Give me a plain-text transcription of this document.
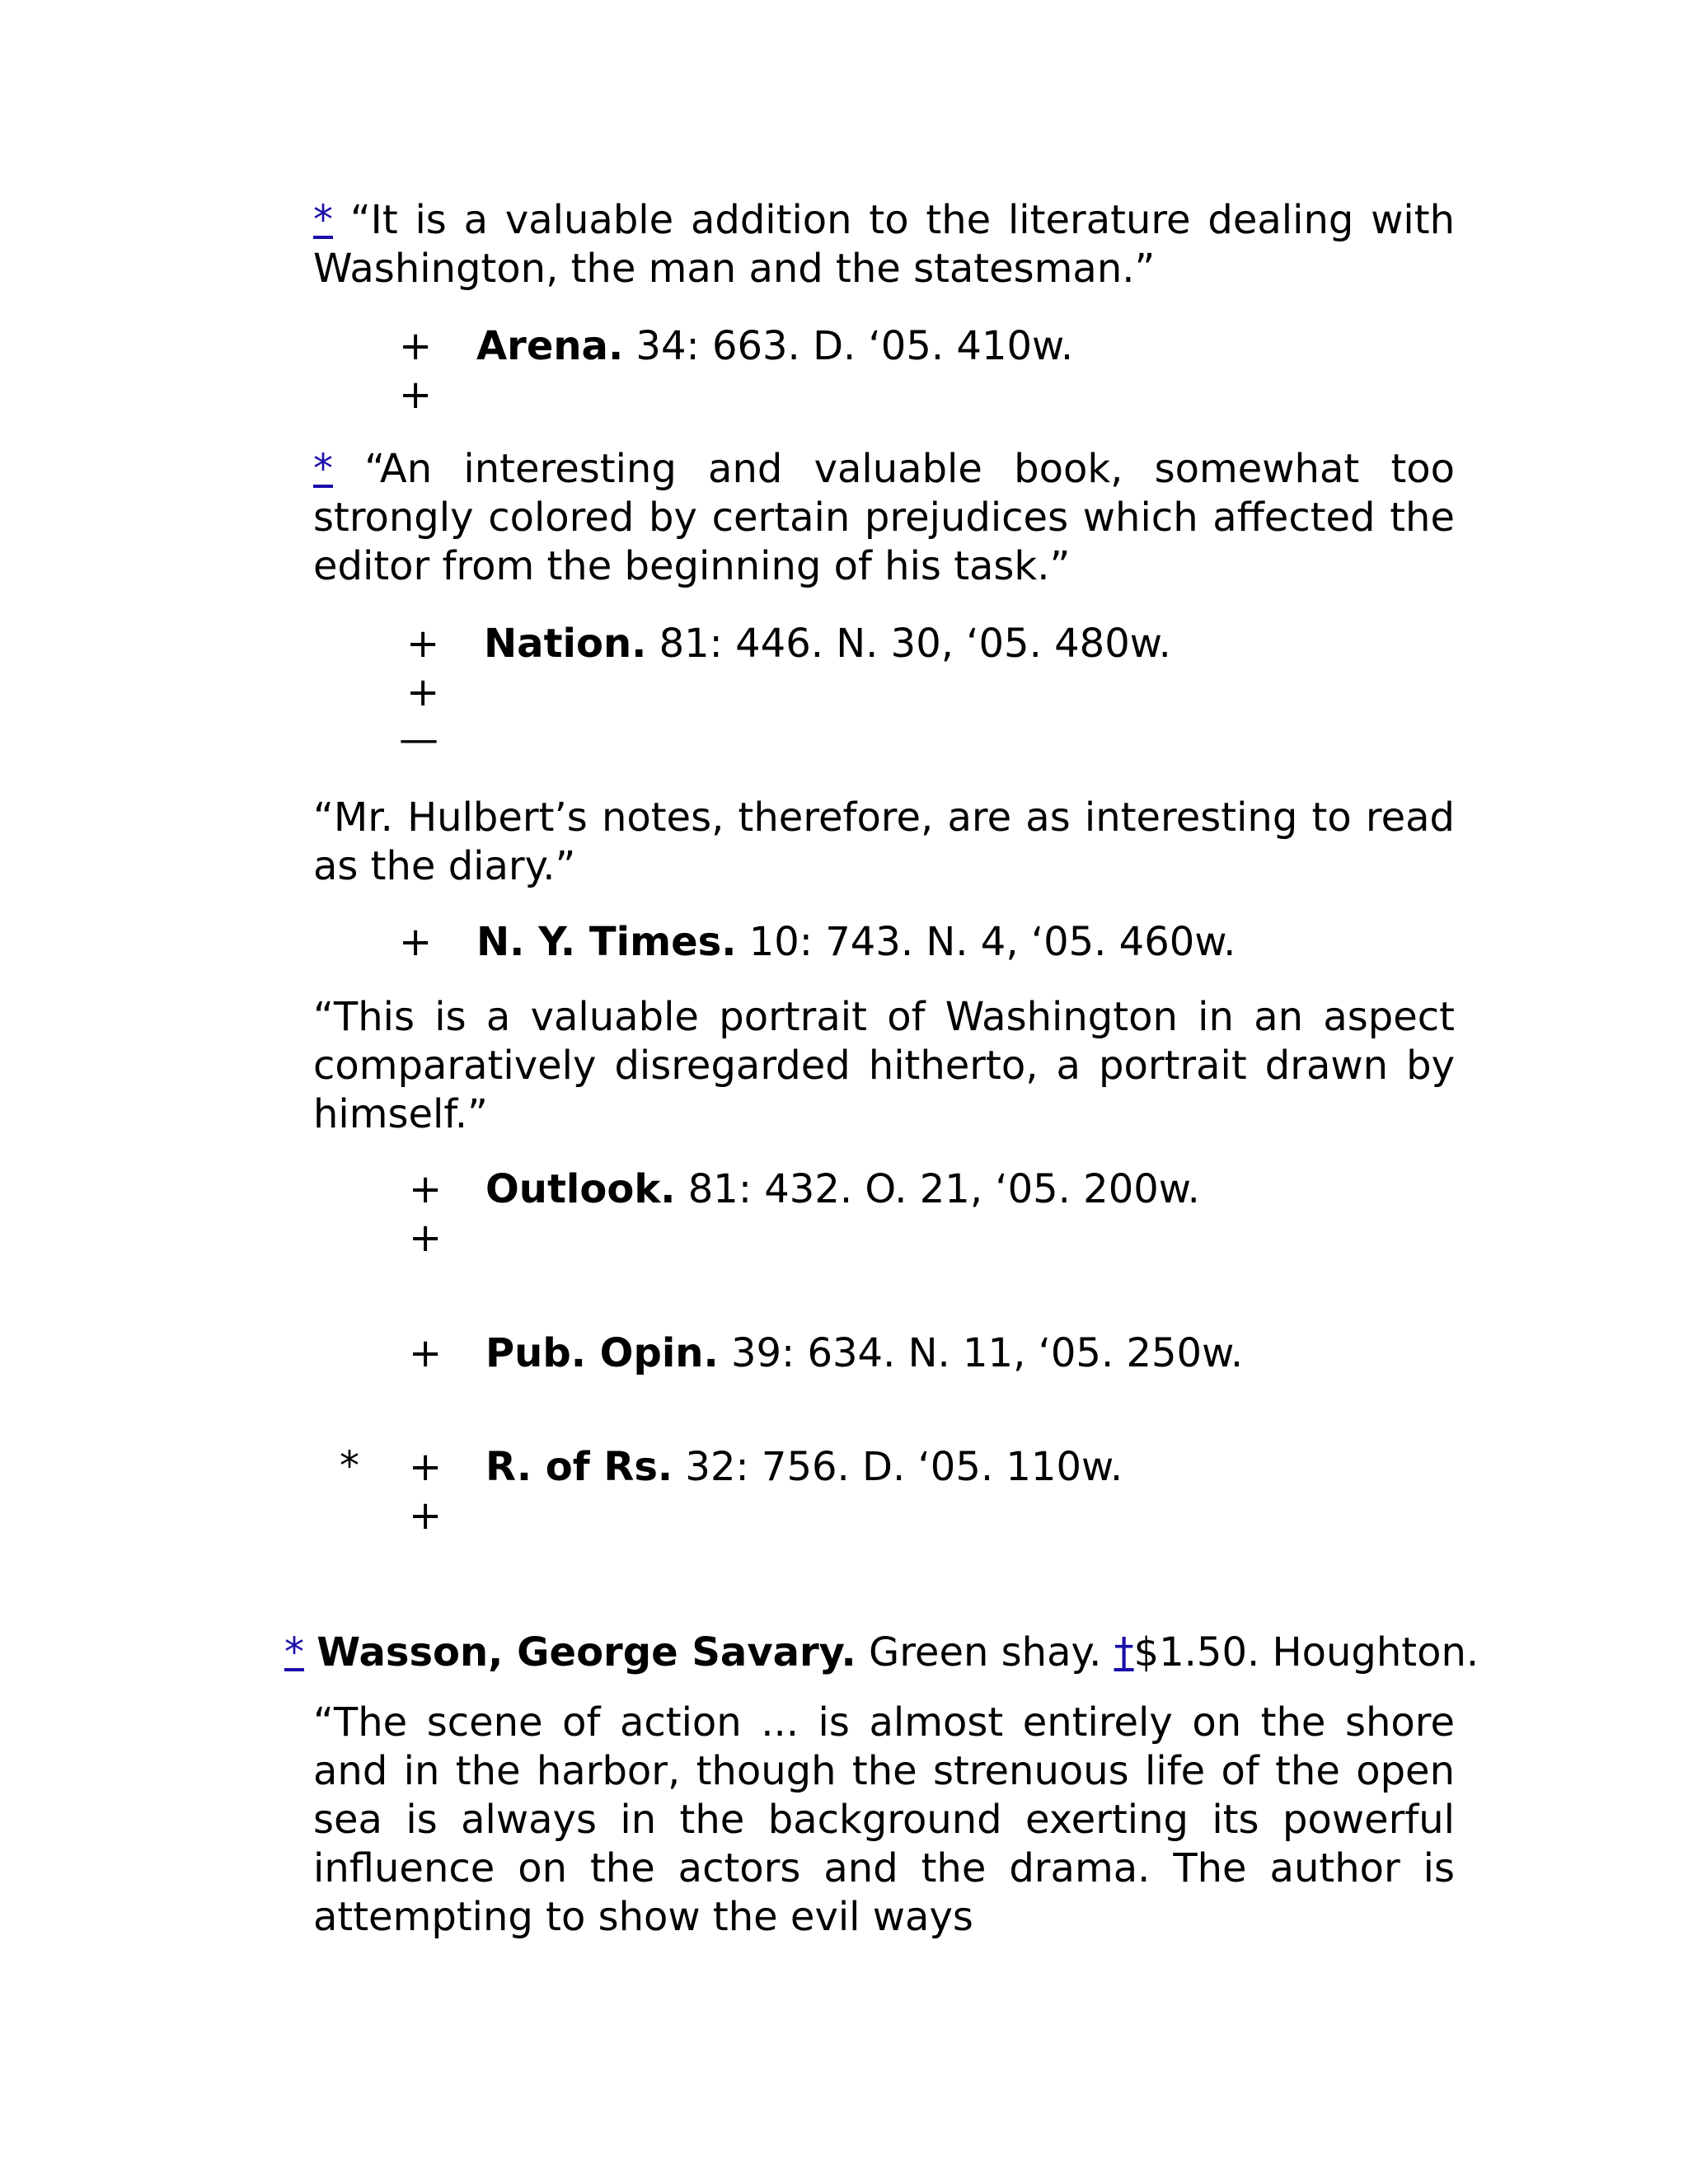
* “It is a valuable addition to the literature dealing with Washington, the man and the statesman.”

+
+
Arena. 34: 663. D. ‘05. 410w.

* “An interesting and valuable book, somewhat too strongly colored by certain prejudices which affected the editor from the beginning of his task.”

+
+
—
Nation. 81: 446. N. 30, ‘05. 480w.

“Mr. Hulbert’s notes, therefore, are as interesting to read as the diary.”

+ N. Y. Times. 10: 743. N. 4, ‘05. 460w.

“This is a valuable portrait of Washington in an aspect comparatively disregarded hitherto, a portrait drawn by himself.”

+
+
Outlook. 81: 432. O. 21, ‘05. 200w.
+ Pub. Opin. 39: 634. N. 11, ‘05. 250w.
* +
+
R. of Rs. 32: 756. D. ‘05. 110w.
* Wasson, George Savary. Green shay. †$1.50. Houghton.

“The scene of action ... is almost entirely on the shore and in the harbor, though the strenuous life of the open sea is always in the background exerting its powerful influence on the actors and the drama. The author is attempting to show the evil ways
